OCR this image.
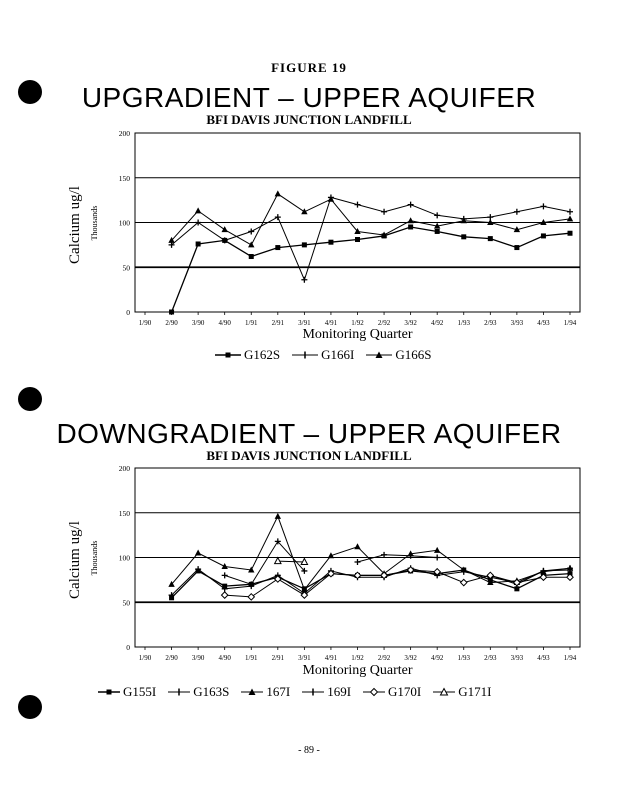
FIGURE 19
UPGRADIENT – UPPER AQUIFER
BFI DAVIS JUNCTION LANDFILL
Calcium ug/l Thousands
0
50
100
150
200
1/90 2/90 3/90 4/90 1/91 2/91 3/91 4/91 1/92 2/92 3/92 4/92 1/93 2/93 3/93 4/93 1/94
Monitoring Quarter
G162S	G166I	G166S
DOWNGRADIENT – UPPER AQUIFER
BFI DAVIS JUNCTION LANDFILL
Calcium ug/l Thousands
0
50
100
150
200
1/90 2/90 3/90 4/90 1/91 2/91 3/91 4/91 1/92 2/92 3/92 4/92 1/93 2/93 3/93 4/93 1/94
Monitoring Quarter
G155I	G163S	167I	169I	G170I	G171I
- 89 -
